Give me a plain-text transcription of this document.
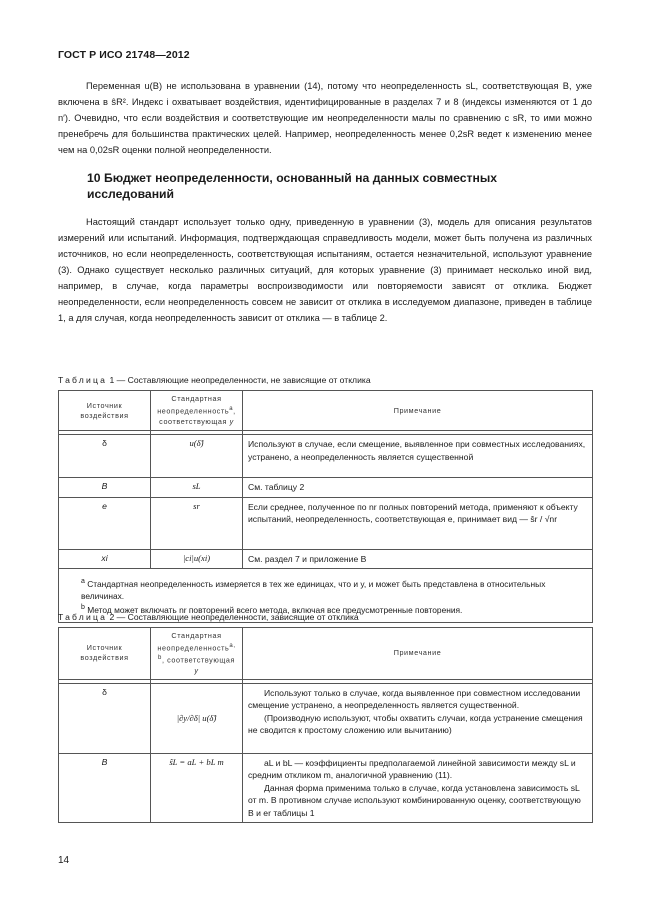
ГОСТ Р ИСО 21748—2012

Переменная u(B) не использована в уравнении (14), потому что неопределенность sL, соответствующая B, уже включена в ŝR². Индекс i охватывает воздействия, идентифицированные в разделах 7 и 8 (индексы изменяются от 1 до n′). Очевидно, что если воздействия и соответствующие им неопределенности малы по сравнению с sR, то ими можно пренебречь для большинства практических целей. Например, неопределенность менее 0,2sR ведет к изменению менее чем на 0,02sR оценки полной неопределенности.

10 Бюджет неопределенности, основанный на данных совместных исследований

Настоящий стандарт использует только одну, приведенную в уравнении (3), модель для описания результатов измерений или испытаний. Информация, подтверждающая справедливость модели, может быть получена из различных источников, но если неопределенность, соответствующая испытаниям, остается незначительной, используют уравнение (3). Однако существует несколько различных ситуаций, для которых уравнение (3) принимает несколько иной вид, например, в случае, когда параметры воспроизводимости или повторяемости зависят от отклика. Бюджет неопределенности, если неопределенность совсем не зависит от отклика в исследуемом диапазоне, приведен в таблице 1, а для случая, когда неопределенность зависит от отклика — в таблице 2.

Таблица 1 — Составляющие неопределенности, не зависящие от отклика
Источник воздействия	Стандартная неопределенность$^a$, соответствующая y	Примечание

δ	u(δ̂)	Используют в случае, если смещение, выявленное при совместных исследованиях, устранено, а неопределенность является существенной
B	sL	См. таблицу 2
e	sr	Если среднее, полученное по nr полных повторений метода, применяют к объекту испытаний, неопределенность, соответствующая e, принимает вид — ŝr / √nr
xi	|ci|u(xi)	См. раздел 7 и приложение В

$^a$ Стандартная неопределенность измеряется в тех же единицах, что и y, и может быть представлена в относительных величинах.

$^b$ Метод может включать nr повторений всего метода, включая все предусмотренные повторения.		

Таблица 2 — Составляющие неопределенности, зависящие от отклика
Источник воздействия	Стандартная неопределенность$^{a, b}$, соответствующая y	Примечание

δ	|∂y/∂δ| u(δ̂)	Используют только в случае, когда выявленное при совместном исследовании смещение устранено, а неопределенность является существенной.

(Производную используют, чтобы охватить случаи, когда устранение смещения не сводится к простому сложению или вычитанию)

B	ŝL = aL + bL m	aL и bL — коэффициенты предполагаемой линейной зависимости между sL и средним откликом m, аналогичной уравнению (11).

Данная форма применима только в случае, когда установлена зависимость sL от m. В противном случае используют комбинированную оценку, соответствующую B и er таблицы 1

14
